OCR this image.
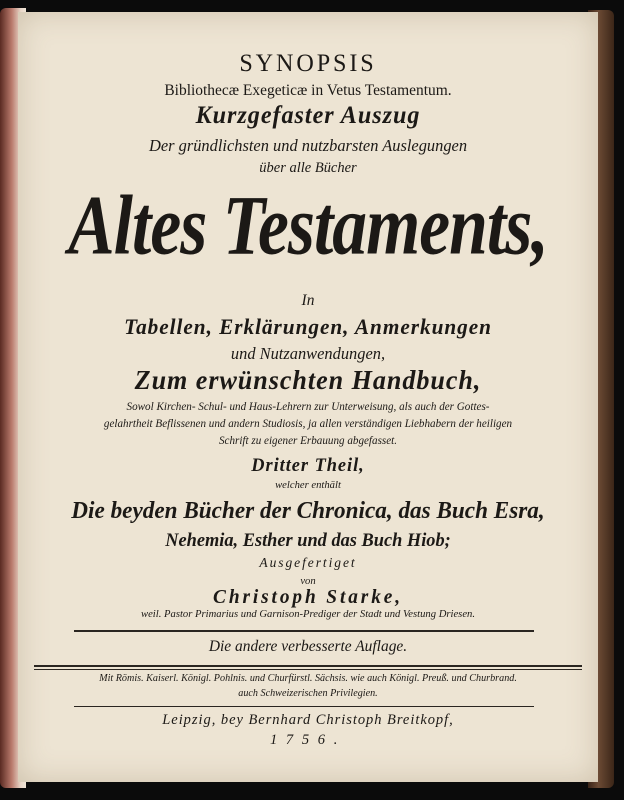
SYNOPSIS
Bibliothecæ Exegeticæ in Vetus Testamentum.
Kurzgefaster Auszug
Der gründlichsten und nutzbarsten Auslegungen
über alle Bücher
Altes Testaments,
In
Tabellen, Erklärungen, Anmerkungen
und Nutzanwendungen,
Zum erwünschten Handbuch,
Sowol Kirchen- Schul- und Haus-Lehrern zur Unterweisung, als auch der Gottes-
gelahrtheit Beflissenen und andern Studiosis, ja allen verständigen Liebhabern der heiligen
Schrift zu eigener Erbauung abgefasset.
Dritter Theil,
welcher enthält
Die beyden Bücher der Chronica, das Buch Esra,
Nehemia, Esther und das Buch Hiob;
Ausgefertiget
von
Christoph Starke,
weil. Pastor Primarius und Garnison-Prediger der Stadt und Vestung Driesen.
Die andere verbesserte Auflage.
Mit Römis. Kaiserl. Königl. Pohlnis. und Churfürstl. Sächsis. wie auch Königl. Preuß. und Churbrand.
auch Schweizerischen Privilegien.
Leipzig, bey Bernhard Christoph Breitkopf,
1756.
